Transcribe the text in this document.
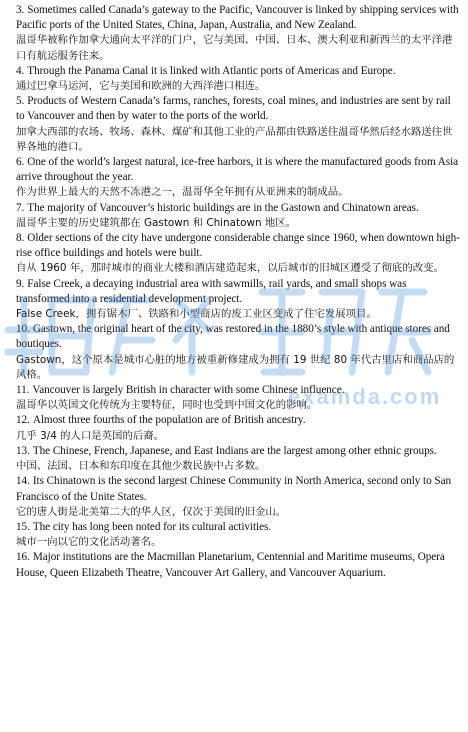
3. Sometimes called Canada’s gateway to the Pacific, Vancouver is linked by shipping services with Pacific ports of the United States, China, Japan, Australia, and New Zealand.

温哥华被称作加拿大通向太平洋的门户，它与美国、中国、日本、澳大利亚和新西兰的太平洋港口有航运服务往来。

4. Through the Panama Canal it is linked with Atlantic ports of Americas and Europe.

通过巴拿马运河，它与美国和欧洲的大西洋港口相连。

5. Products of Western Canada’s farms, ranches, forests, coal mines, and industries are sent by rail to Vancouver and then by water to the ports of the world.

加拿大西部的农场、牧场、森林、煤矿和其他工业的产品都由铁路送往温哥华然后经水路送往世界各地的港口。

6. One of the world’s largest natural, ice-free harbors, it is where the manufactured goods from Asia arrive throughout the year.

作为世界上最大的天然不冻港之一，温哥华全年拥有从亚洲来的制成品。

7. The majority of Vancouver’s historic buildings are in the Gastown and Chinatown areas.

温哥华主要的历史建筑都在 Gastown 和 Chinatown 地区。

8. Older sections of the city have undergone considerable change since 1960, when downtown high-rise office buildings and hotels were built.

自从 1960 年，那时城市的商业大楼和酒店建造起来，以后城市的旧城区遵受了彻底的改变。

9. False Creek, a decaying industrial area with sawmills, rail yards, and small shops was transformed into a residential development project.

False Creek，拥有锯木厂、铁路和小型商店的废工业区变成了住宅发展项目。

10. Gastown, the original heart of the city, was restored in the 1880’s style with antique stores and boutiques.

Gastown，这个原本是城市心脏的地方被重新修建成为拥有 19 世纪 80 年代古里店和商品店的风格。

11. Vancouver is largely British in character with some Chinese influence.

温哥华以英国文化传统为主要特征，同时也受到中国文化的影响。

12. Almost three fourths of the population are of British ancestry.

几乎 3/4 的人口是英国的后裔。

13. The Chinese, French, Japanese, and East Indians are the largest among other ethnic groups.

中国、法国、日本和东印度在其他少数民族中占多数。

14. Its Chinatown is the second largest Chinese Community in North America, second only to San Francisco of the Unite States.

它的唐人街是北美第二大的华人区，仅次于美国的旧金山。

15. The city has long been noted for its cultural activities.

城市一向以它的文化活动著名。

16. Major institutions are the Macmillan Planetarium, Centennial and Maritime museums, Opera House, Queen Elizabeth Theatre, Vancouver Art Gallery, and Vancouver Aquarium.

examda.com
